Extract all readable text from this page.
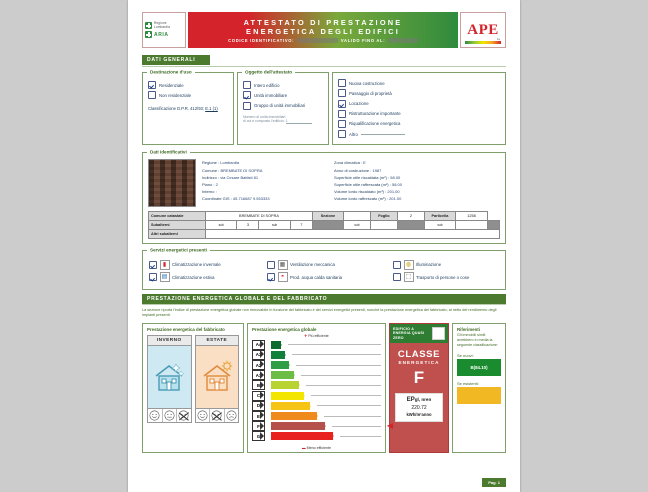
Regione
Lombardia
ARIA
ATTESTATO DI PRESTAZIONE
ENERGETICA DEGLI EDIFICI
CODICE IDENTIFICATIVO:	VALIDO FINO AL:
APE
ita
DATI GENERALI
Destinazione d'uso
Residenziale
Non residenziale
Classificazione D.P.R. 412/93: E.1 (1)
Oggetto dell'attestato
Intero edificio
Unità immobiliare
Gruppo di unità immobiliari
Numero di unità immobiliari
di cui è composto l'edificio: 1
Nuova costruzione
Passaggio di proprietà
Locazione
Ristrutturazione importante
Riqualificazione energetica
Altro
Dati identificativi
Regione : Lombardia
Comune : BREMBATE DI SOPRA
Indirizzo : via Cesare Battisti 81
Piano : 2
Interno :
Coordinate GIS : 45.716687 9.553333
Zona climatica : E
Anno di costruzione : 1987
Superficie utile riscaldata (m²) : 58.00
Superficie utile raffrescata (m²) : 58.00
Volume lordo riscaldato (m³) : 201.00
Volume lordo raffrescato (m³) : 201.00
Comune catastale	BREMBATE DI SOPRA				Sezione		Foglio	2	Particella	1258	
Subalterni	sub	3	sub	7		sub			sub		
Altri subalterni											
Servizi energetici presenti
▮	Climatizzazione invernale
▤	Climatizzazione estiva
▦	Ventilazione meccanica
◓	Prod. acqua calda sanitaria
◍	Illuminazione
⬚	Trasporto di persone o cose
PRESTAZIONE ENERGETICA GLOBALE E DEL FABBRICATO
La sezione riporta l'indice di prestazione energetica globale non rinnovabile in funzione del fabbricato e dei servizi energetici presenti, nonché la prestazione energetica del fabbricato, al netto del rendimento degli impianti presenti.
Prestazione energetica del fabbricato
INVERNO	ESTATE
Prestazione energetica globale
✛ Più efficiente
A4
A3
A2
A1
B
C
D
E
F	◀
G
▬ Meno efficiente
EDIFICIO A ENERGIA QUASI ZERO
CLASSE
ENERGETICA
F
EPgl, nren
220.72
kWh/m²anno
Riferimenti
Gli immobili simili avrebbero in media la seguente classificazione:
Se nuovi:
B(84.10)
Se esistenti:
Pag. 1
